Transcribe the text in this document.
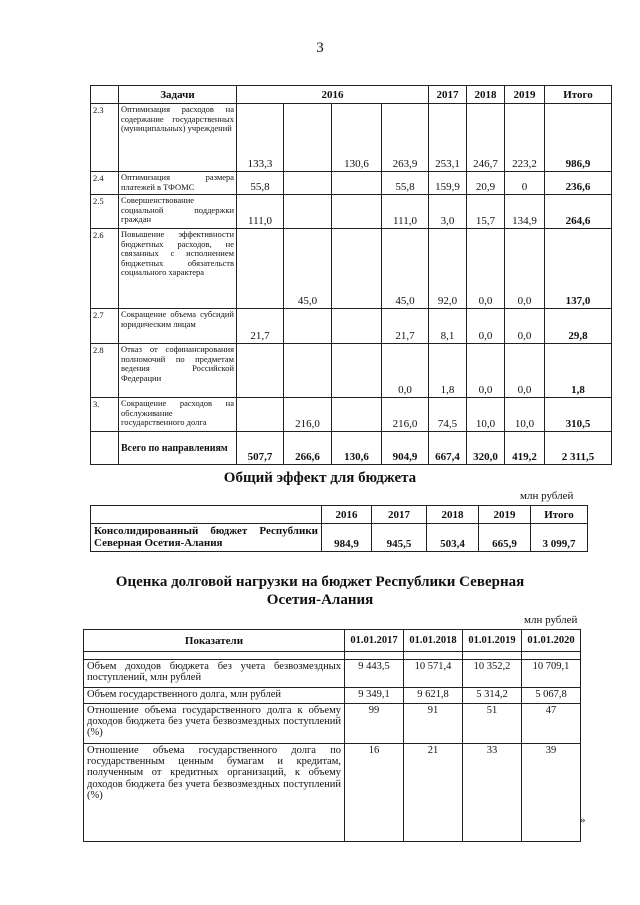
3
	Задачи	2016				2017	2018	2019	Итого
2.3	Оптимизация расходов на содержание государственных (муниципальных) учреждений	133,3		130,6	263,9	253,1	246,7	223,2	986,9
2.4	Оптимизация размера платежей в ТФОМС	55,8			55,8	159,9	20,9	0	236,6
2.5	Совершенствование социальной поддержки граждан	111,0			111,0	3,0	15,7	134,9	264,6
2.6	Повышение эффективности бюджетных расходов, не связанных с исполнением бюджетных обязательств социального характера		45,0		45,0	92,0	0,0	0,0	137,0
2.7	Сокращение объема субсидий юридическим лицам	21,7			21,7	8,1	0,0	0,0	29,8
2.8	Отказ от софинансирования полномочий по предметам ведения Российской Федерации				0,0	1,8	0,0	0,0	1,8
3.	Сокращение расходов на обслуживание государственного долга		216,0		216,0	74,5	10,0	10,0	310,5
	Всего по направлениям	507,7	266,6	130,6	904,9	667,4	320,0	419,2	2 311,5
Общий эффект для бюджета
млн рублей
	2016	2017	2018	2019	Итого
Консолидированный бюджет Республики Северная Осетия-Алания	984,9	945,5	503,4	665,9	3 099,7
Оценка долговой нагрузки на бюджет Республики Северная
Осетия-Алания
млн рублей
Показатели	01.01.2017	01.01.2018	01.01.2019	01.01.2020

Объем доходов бюджета без учета безвозмездных поступлений, млн рублей	9 443,5	10 571,4	10 352,2	10 709,1
Объем государственного долга, млн рублей	9 349,1	9 621,8	5 314,2	5 067,8
Отношение объема государственного долга к объему доходов бюджета без учета безвозмездных поступлений (%)	99	91	51	47
Отношение объема государственного долга по государственным ценным бумагам и кредитам, полученным от кредитных организаций, к объему доходов бюджета без учета безвозмездных поступлений (%)	16	21	33	39
»
